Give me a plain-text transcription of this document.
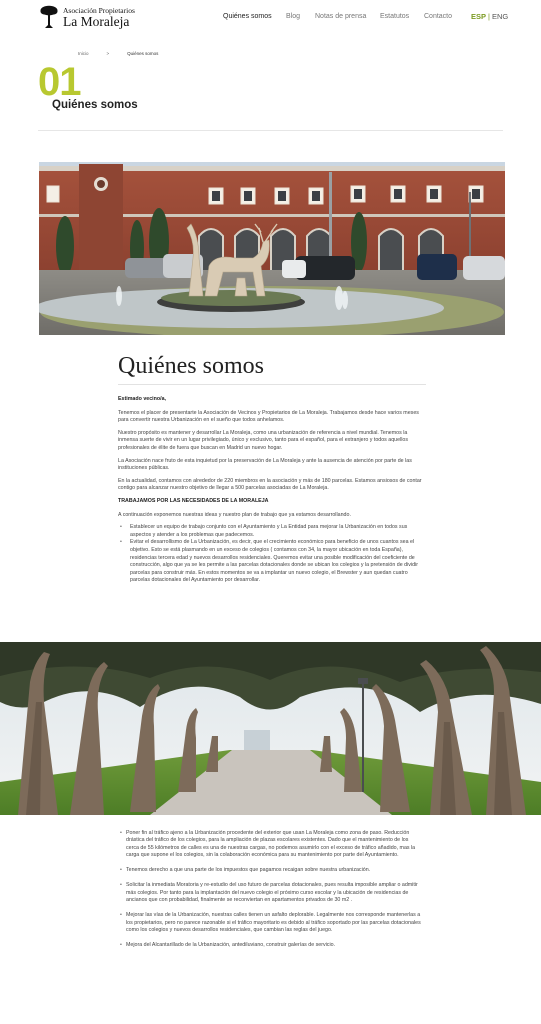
Asociación Propietarios
La Moraleja	Quiénes somos Blog Notas de prensa Estatutos Contacto	ESP | ENG
Inicio	>	Quiénes somos
01
Quiénes somos
Quiénes somos

Estimado vecino/a,

Tenemos el placer de presentarte la Asociación de Vecinos y Propietarios de La Moraleja. Trabajamos desde hace varios meses para convertir nuestra Urbanización en el sueño que todos anhelamos.

Nuestro propósito es mantener y desarrollar La Moraleja, como una urbanización de referencia a nivel mundial. Tenemos la inmensa suerte de vivir en un lugar privilegiado, único y exclusivo, tanto para el español, para el extranjero y todos aquellos profesionales de élite de fuera que buscan en Madrid un nuevo hogar.

La Asociación nace fruto de esta inquietud por la preservación de La Moraleja y ante la ausencia de atención por parte de las instituciones públicas.

En la actualidad, contamos con alrededor de 220 miembros en la asociación y más de 180 parcelas. Estamos ansiosos de contar contigo para alcanzar nuestro objetivo de llegar a 500 parcelas asociadas de La Moraleja.

TRABAJAMOS POR LAS NECESIDADES DE LA MORALEJA

A continuación exponemos nuestras ideas y nuestro plan de trabajo que ya estamos desarrollando.

• Establecer un equipo de trabajo conjunto con el Ayuntamiento y La Entidad para mejorar la Urbanización en todos sus aspectos y atender a los problemas que padecemos.
• Evitar el desarrollismo de La Urbanización, es decir, que el crecimiento económico para beneficio de unos cuantos sea el objetivo. Esto se está plasmando en un exceso de colegios ( contamos con 34, la mayor ubicación en toda España), residencias tercera edad y nuevos desarrollos residenciales. Queremos evitar una posible modificación del coeficiente de construcción, algo que ya se les permite a las parcelas dotacionales donde se ubican los colegios y la pretensión de dividir parcelas para construir más. En estos momentos se va a implantar un nuevo colegio, el Brewster y aun quedan cuatro parcelas dotacionales del Ayuntamiento por desarrollar.
• Poner fin al tráfico ajeno a la Urbanización procedente del exterior que usan La Moraleja como zona de paso. Reducción drástica del tráfico de los colegios, para la ampliación de plazas escolares existentes. Dado que el mantenimiento de los cerca de 55 kilómetros de calles es una de nuestras cargas, no podemos asumirlo con el exceso de tráfico añadido, mas la carga que supone el los colegios, sin la colaboración económica para su mantenimiento por parte del Ayuntamiento.
• Tenemos derecho a que una parte de los impuestos que pagamos recaigan sobre nuestra urbanización.
• Solicitar la inmediata Moratoria y re-estudio del uso futuro de parcelas dotacionales, pues resulta imposible ampliar o admitir más colegios. Por tanto para la implantación del nuevo colegio el próximo curso escolar y la ubicación de residencias de ancianos que con probabilidad, finalmente se reconviertan en apartamentos privados de 30 m2 .
• Mejorar las vías de la Urbanización, nuestras calles tienen un asfalto deplorable. Legalmente nos corresponde mantenerlas a los propietarios, pero no parece razonable si el tráfico mayoritario es debido al tráfico soportado por las parcelas dotacionales como los colegios y nuevos desarrollos residenciales, que cambian las reglas del juego.
• Mejora del Alcantarillado de la Urbanización, antediluviano, construir galerías de servicio.
